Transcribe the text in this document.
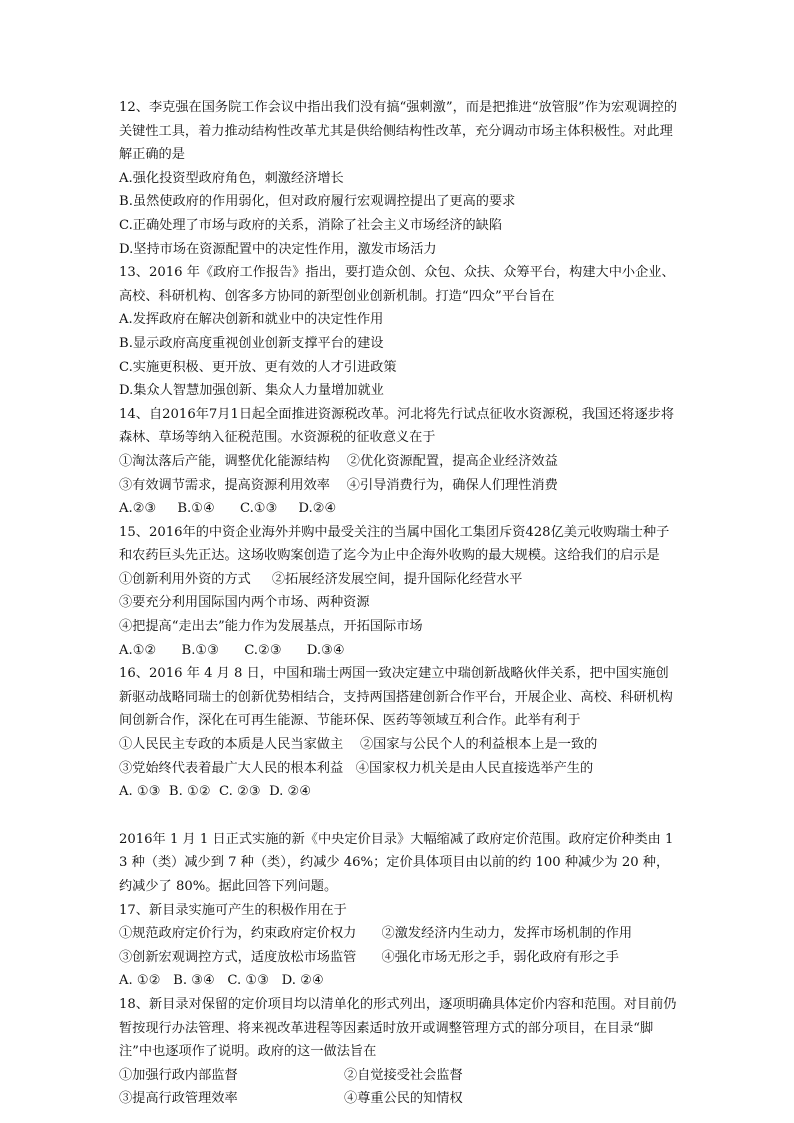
12、李克强在国务院工作会议中指出我们没有搞“强刺激”，而是把推进“放管服”作为宏观调控的关键性工具，着力推动结构性改革尤其是供给侧结构性改革，充分调动市场主体积极性。对此理解正确的是

A.强化投资型政府角色，刺激经济增长

B.虽然使政府的作用弱化，但对政府履行宏观调控提出了更高的要求

C.正确处理了市场与政府的关系，消除了社会主义市场经济的缺陷

D.坚持市场在资源配置中的决定性作用，激发市场活力

13、2016 年《政府工作报告》指出，要打造众创、众包、众扶、众筹平台，构建大中小企业、高校、科研机构、创客多方协同的新型创业创新机制。打造“四众”平台旨在

A.发挥政府在解决创新和就业中的决定性作用

B.显示政府高度重视创业创新支撑平台的建设

C.实施更积极、更开放、更有效的人才引进政策

D.集众人智慧加强创新、集众人力量增加就业

14、自2016年7月1日起全面推进资源税改革。河北将先行试点征收水资源税，我国还将逐步将森林、草场等纳入征税范围。水资源税的征收意义在于

①淘汰落后产能，调整优化能源结构    ②优化资源配置，提高企业经济效益

③有效调节需求，提高资源利用效率    ④引导消费行为，确保人们理性消费

A.②③     B.①④      C.①③     D.②④

15、2016年的中资企业海外并购中最受关注的当属中国化工集团斥资428亿美元收购瑞士种子和农药巨头先正达。这场收购案创造了迄今为止中企海外收购的最大规模。这给我们的启示是

①创新利用外资的方式     ②拓展经济发展空间，提升国际化经营水平

③要充分利用国际国内两个市场、两种资源

④把提高“走出去”能力作为发展基点，开拓国际市场

A.①②      B.①③      C.②③      D.③④

16、2016 年 4 月 8 日，中国和瑞士两国一致决定建立中瑞创新战略伙伴关系，把中国实施创新驱动战略同瑞士的创新优势相结合，支持两国搭建创新合作平台，开展企业、高校、科研机构间创新合作，深化在可再生能源、节能环保、医药等领域互利合作。此举有利于

①人民民主专政的本质是人民当家做主    ②国家与公民个人的利益根本上是一致的

③党始终代表着最广大人民的根本利益   ④国家权力机关是由人民直接选举产生的

A. ①③  B. ①②  C. ②③  D. ②④

2016年 1 月 1 日正式实施的新《中央定价目录》大幅缩减了政府定价范围。政府定价种类由 13 种（类）减少到 7 种（类），约减少 46%；定价具体项目由以前的约 100 种减少为 20 种，约减少了 80%。据此回答下列问题。

17、新目录实施可产生的积极作用在于

①规范政府定价行为，约束政府定价权力      ②激发经济内生动力，发挥市场机制的作用

③创新宏观调控方式，适度放松市场监管      ④强化市场无形之手，弱化政府有形之手

A. ①②   B. ③④   C. ①③   D. ②④

18、新目录对保留的定价项目均以清单化的形式列出，逐项明确具体定价内容和范围。对目前仍暂按现行办法管理、将来视改革进程等因素适时放开或调整管理方式的部分项目，在目录“脚注”中也逐项作了说明。政府的这一做法旨在

①加强行政内部监督	②自觉接受社会监督
③提高行政管理效率	④尊重公民的知情权
